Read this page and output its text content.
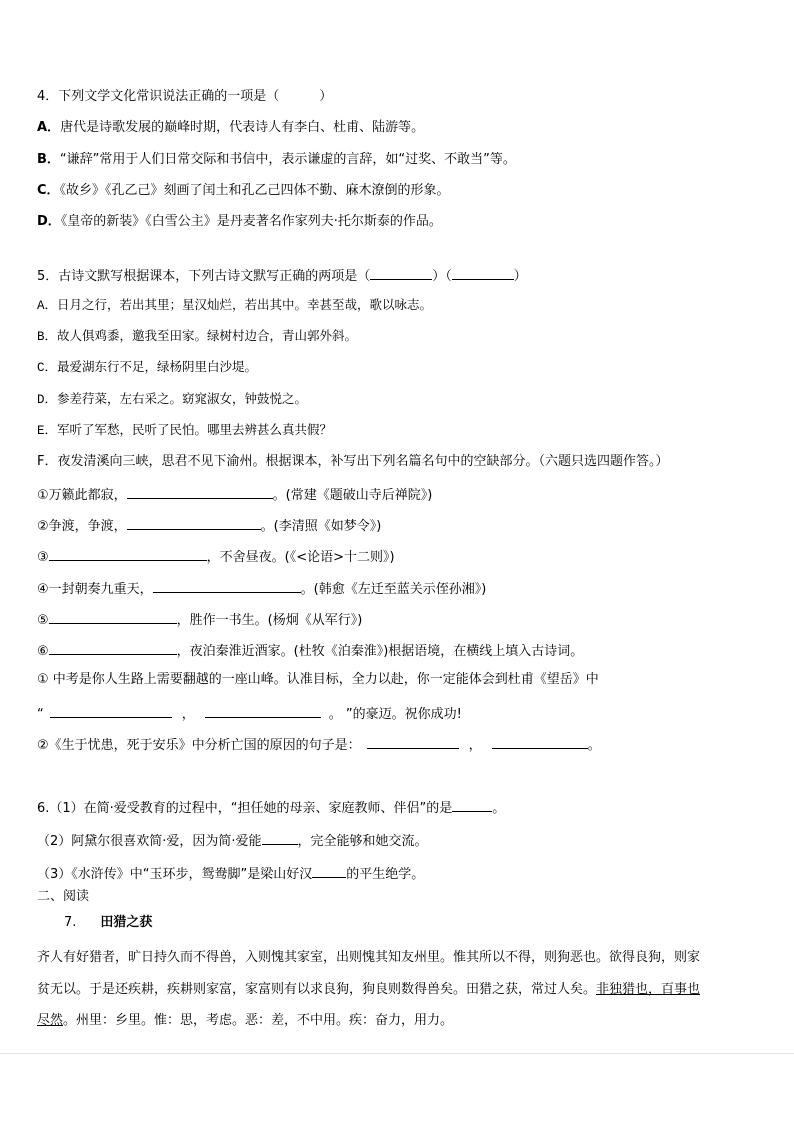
4．下列文学文化常识说法正确的一项是（	）
A．唐代是诗歌发展的巅峰时期，代表诗人有李白、杜甫、陆游等。
B．“谦辞”常用于人们日常交际和书信中，表示谦虚的言辞，如“过奖、不敢当”等。
C．《故乡》《孔乙己》刻画了闰土和孔乙己四体不勤、麻木潦倒的形象。
D．《皇帝的新装》《白雪公主》是丹麦著名作家列夫·托尔斯泰的作品。
5．古诗文默写根据课本，下列古诗文默写正确的两项是（	）（	）
A．日月之行，若出其里；星汉灿烂，若出其中。幸甚至哉，歌以咏志。
B．故人俱鸡黍，邀我至田家。绿树村边合，青山郭外斜。
C．最爱湖东行不足，绿杨阴里白沙堤。
D．参差荇菜，左右采之。窈窕淑女，钟鼓悦之。
E．军听了军愁，民听了民怕。哪里去辨甚么真共假？
F．夜发清溪向三峡，思君不见下渝州。根据课本，补写出下列名篇名句中的空缺部分。（六题只选四题作答。）
①万籁此都寂，	。(常建《题破山寺后禅院》)
②争渡，争渡，	。(李清照《如梦令》)
③	，不舍昼夜。(《<论语>十二则》)
④一封朝奏九重天，	。(韩愈《左迁至蓝关示侄孙湘》)
⑤	，胜作一书生。(杨炯《从军行》)
⑥	，夜泊秦淮近酒家。(杜牧《泊秦淮》)根据语境，在横线上填入古诗词。
① 中考是你人生路上需要翻越的一座山峰。认准目标，全力以赴，你一定能体会到杜甫《望岳》中
“	，	。 ”的豪迈。祝你成功!
②《生于忧患，死于安乐》中分析亡国的原因的句子是：	，	。
6.（1）在简·爱受教育的过程中，“担任她的母亲、家庭教师、伴侣”的是	。
（2）阿黛尔很喜欢简·爱，因为简·爱能	，完全能够和她交流。
（3）《水浒传》中“玉环步，鸳鸯脚”是梁山好汉	的平生绝学。
二、阅读
7. 田猎之获
齐人有好猎者，旷日持久而不得兽，入则愧其家室，出则愧其知友州里。惟其所以不得，则狗恶也。欲得良狗，则家
贫无以。于是还疾耕，疾耕则家富，家富则有以求良狗，狗良则数得兽矣。田猎之获，常过人矣。非独猎也，百事也
尽然。州里：乡里。惟：思，考虑。恶：差，不中用。疾：奋力，用力。
